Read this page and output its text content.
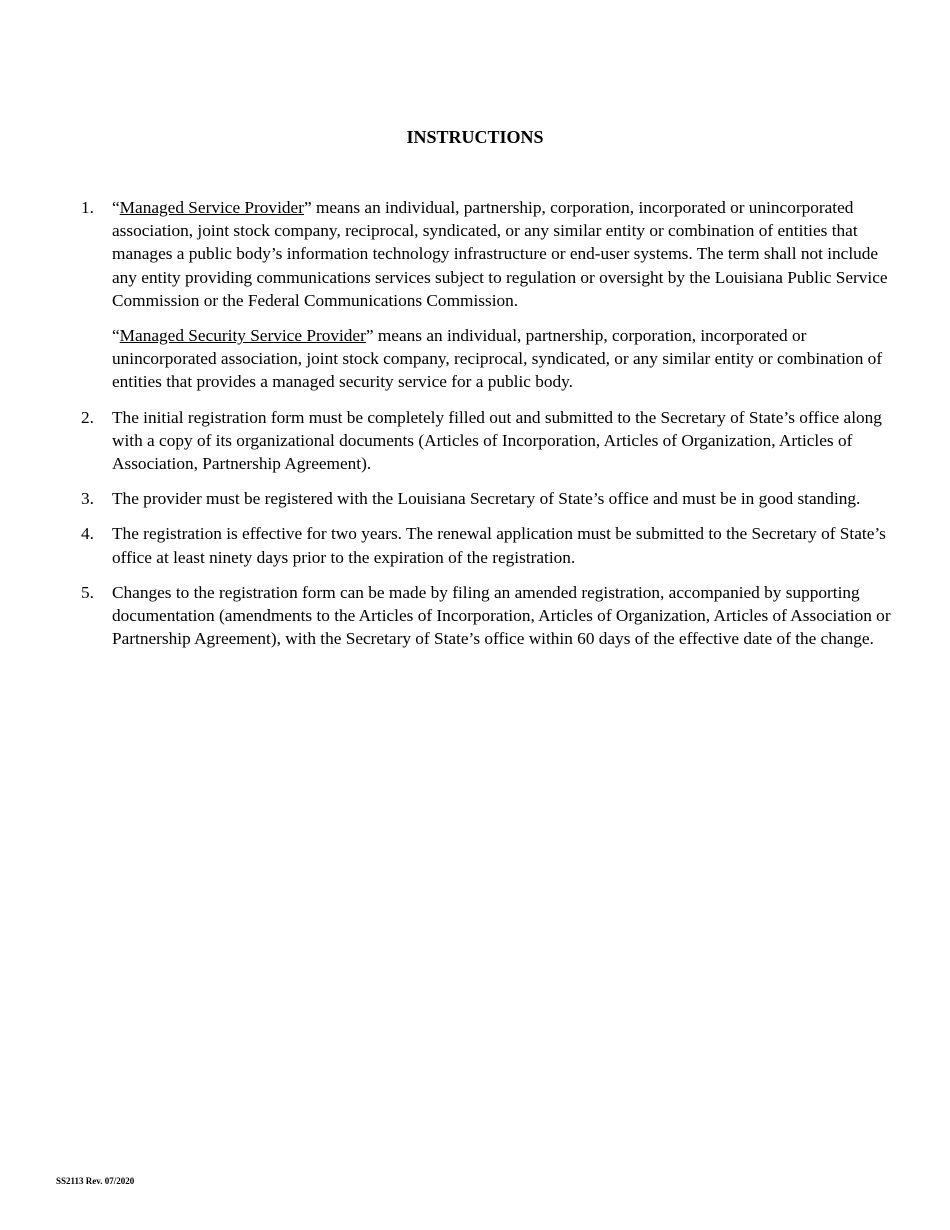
INSTRUCTIONS
1. “Managed Service Provider” means an individual, partnership, corporation, incorporated or unincorporated association, joint stock company, reciprocal, syndicated, or any similar entity or combination of entities that manages a public body’s information technology infrastructure or end-user systems. The term shall not include any entity providing communications services subject to regulation or oversight by the Louisiana Public Service Commission or the Federal Communications Commission.

“Managed Security Service Provider” means an individual, partnership, corporation, incorporated or unincorporated association, joint stock company, reciprocal, syndicated, or any similar entity or combination of entities that provides a managed security service for a public body.

2. The initial registration form must be completely filled out and submitted to the Secretary of State’s office along with a copy of its organizational documents (Articles of Incorporation, Articles of Organization, Articles of Association, Partnership Agreement).

3. The provider must be registered with the Louisiana Secretary of State’s office and must be in good standing.

4. The registration is effective for two years. The renewal application must be submitted to the Secretary of State’s office at least ninety days prior to the expiration of the registration.

5. Changes to the registration form can be made by filing an amended registration, accompanied by supporting documentation (amendments to the Articles of Incorporation, Articles of Organization, Articles of Association or Partnership Agreement), with the Secretary of State’s office within 60 days of the effective date of the change.

SS2113 Rev. 07/2020
